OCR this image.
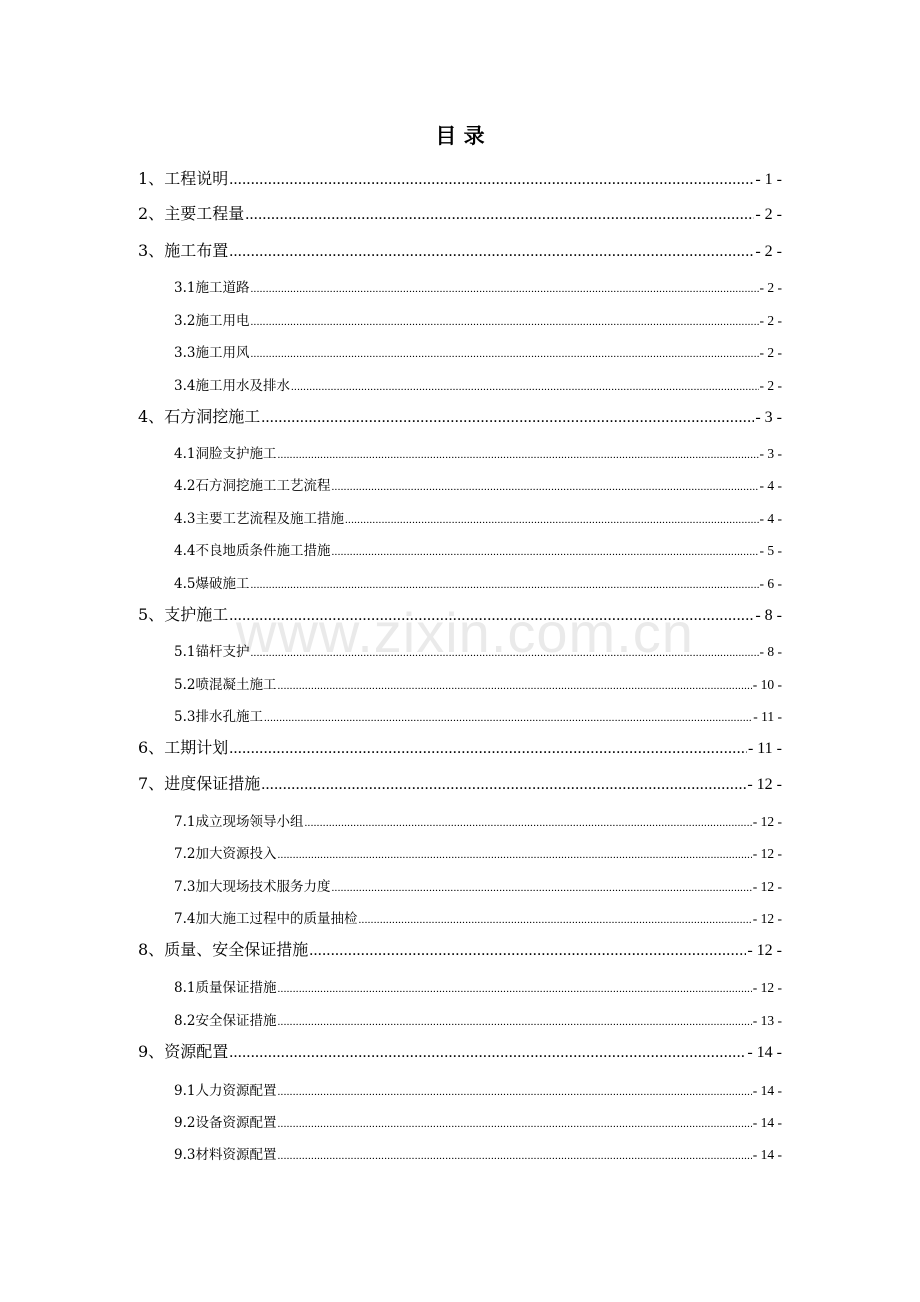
www.zixin.com.cn
目 录
1、工程说明 .....	- 1 -
2、主要工程量 .....	- 2 -
3、施工布置 .....	- 2 -
3.1施工道路 .....	- 2 -
3.2施工用电 .....	- 2 -
3.3施工用风 .....	- 2 -
3.4施工用水及排水 .....	- 2 -
4、石方洞挖施工 .....	- 3 -
4.1洞脸支护施工 .....	- 3 -
4.2石方洞挖施工工艺流程 .....	- 4 -
4.3主要工艺流程及施工措施 .....	- 4 -
4.4不良地质条件施工措施 .....	- 5 -
4.5爆破施工 .....	- 6 -
5、支护施工 .....	- 8 -
5.1锚杆支护 .....	- 8 -
5.2喷混凝土施工 .....	- 10 -
5.3排水孔施工 .....	- 11 -
6、工期计划 .....	- 11 -
7、进度保证措施 .....	- 12 -
7.1成立现场领导小组 .....	- 12 -
7.2加大资源投入 .....	- 12 -
7.3加大现场技术服务力度 .....	- 12 -
7.4加大施工过程中的质量抽检 .....	- 12 -
8、质量、安全保证措施 .....	- 12 -
8.1质量保证措施 .....	- 12 -
8.2安全保证措施 .....	- 13 -
9、资源配置 .....	- 14 -
9.1人力资源配置 .....	- 14 -
9.2设备资源配置 .....	- 14 -
9.3材料资源配置 .....	- 14 -
